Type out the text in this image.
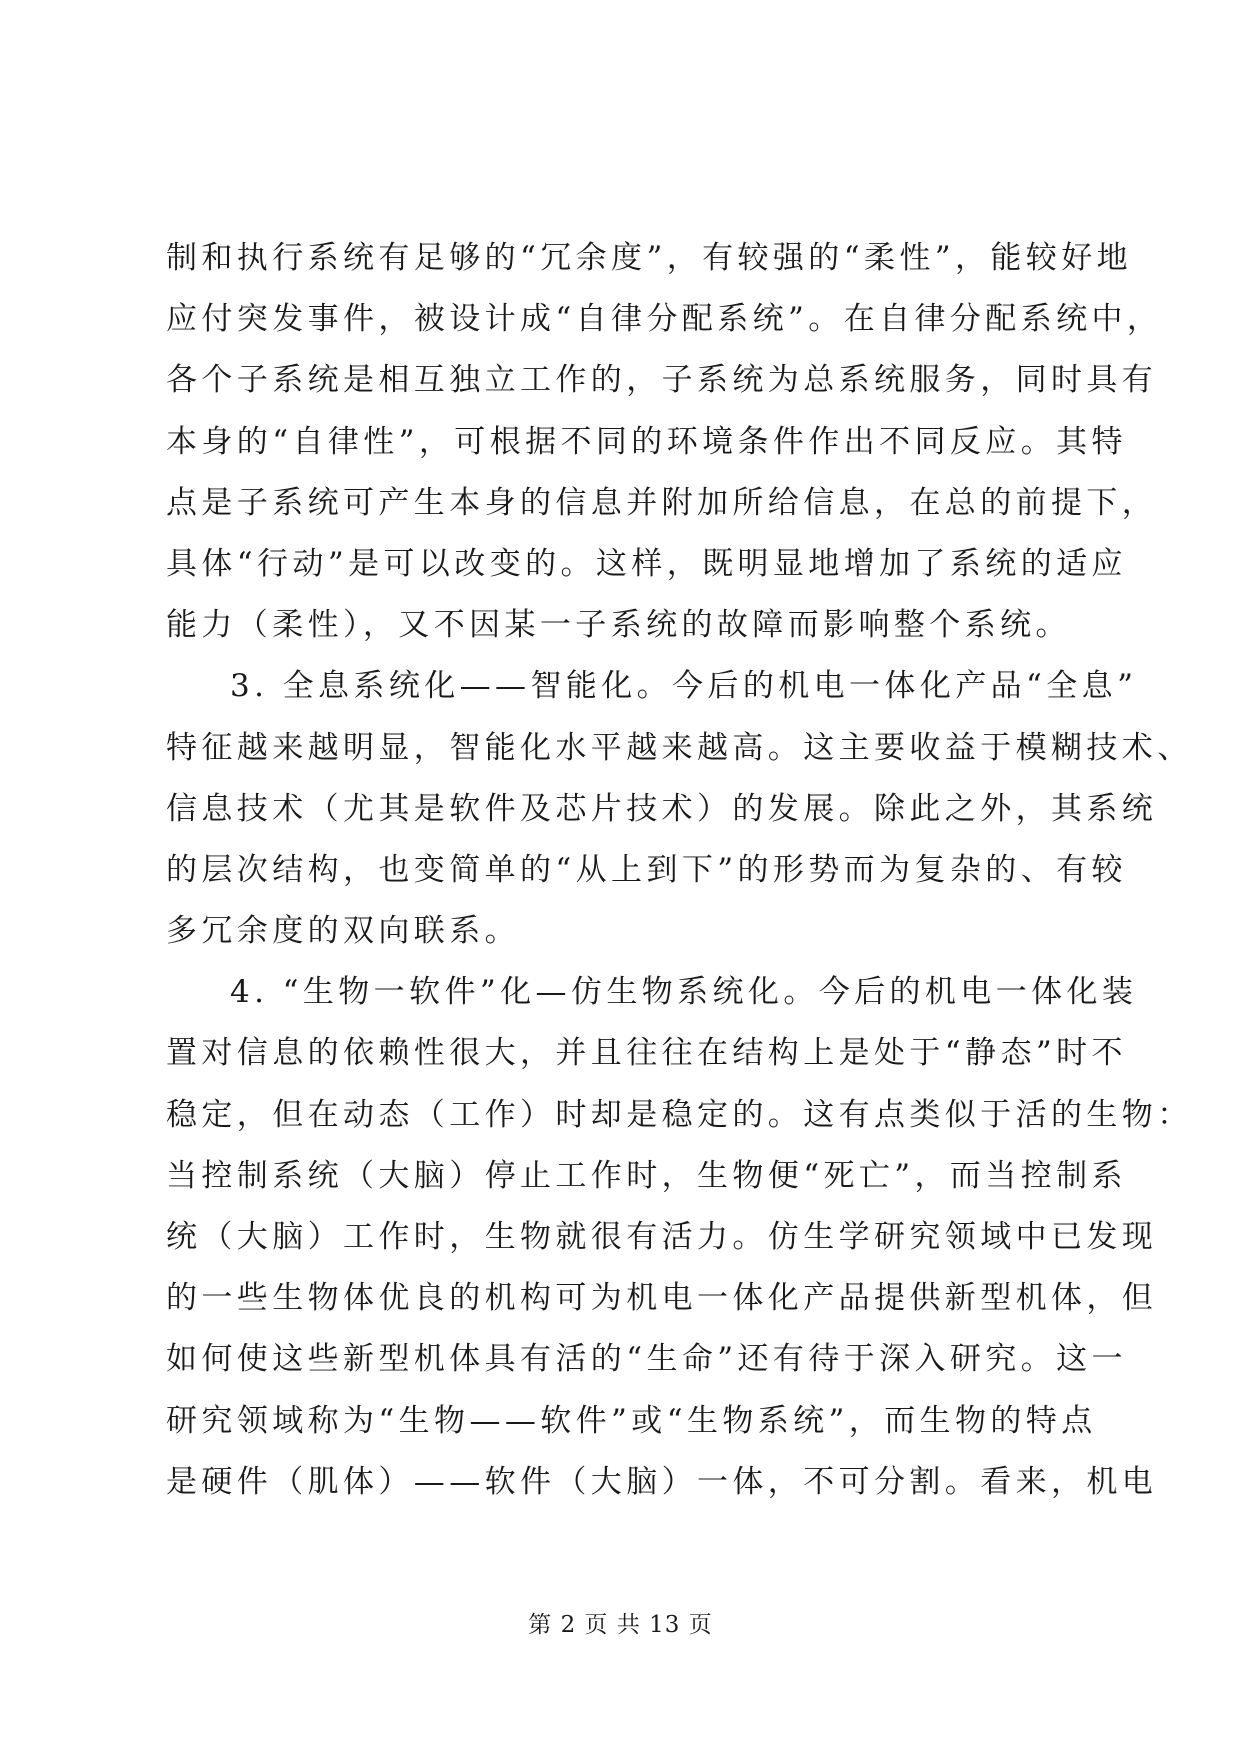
制和执行系统有足够的“冗余度”，有较强的“柔性”，能较好地
应付突发事件，被设计成“自律分配系统”。在自律分配系统中，
各个子系统是相互独立工作的，子系统为总系统服务，同时具有
本身的“自律性”，可根据不同的环境条件作出不同反应。其特
点是子系统可产生本身的信息并附加所给信息，在总的前提下，
具体“行动”是可以改变的。这样，既明显地增加了系统的适应
能力（柔性），又不因某一子系统的故障而影响整个系统。
3. 全息系统化——智能化。今后的机电一体化产品“全息”
特征越来越明显，智能化水平越来越高。这主要收益于模糊技术、
信息技术（尤其是软件及芯片技术）的发展。除此之外，其系统
的层次结构，也变简单的“从上到下”的形势而为复杂的、有较
多冗余度的双向联系。
4. “生物一软件”化—仿生物系统化。今后的机电一体化装
置对信息的依赖性很大，并且往往在结构上是处于“静态”时不
稳定，但在动态（工作）时却是稳定的。这有点类似于活的生物：
当控制系统（大脑）停止工作时，生物便“死亡”，而当控制系
统（大脑）工作时，生物就很有活力。仿生学研究领域中已发现
的一些生物体优良的机构可为机电一体化产品提供新型机体，但
如何使这些新型机体具有活的“生命”还有待于深入研究。这一
研究领域称为“生物——软件”或“生物系统”，而生物的特点
是硬件（肌体）——软件（大脑）一体，不可分割。看来，机电
第 2 页 共 13 页
